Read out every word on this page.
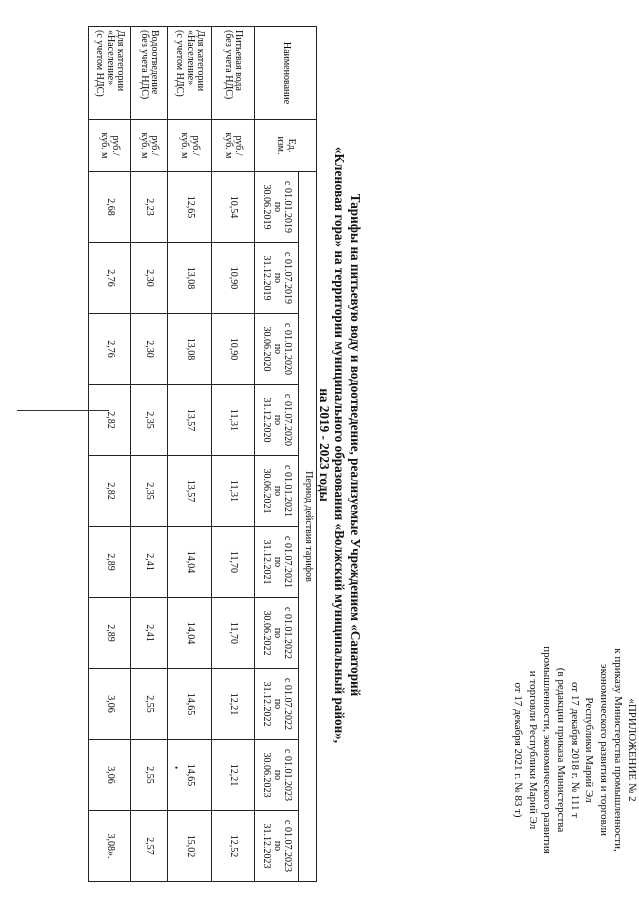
«ПРИЛОЖЕНИЕ № 2
к приказу Министерства промышленности,
экономического развития и торговли
Республики Марий Эл
от 17 декабря 2018 г. № 111 т
(в редакции приказа Министерства
промышленности, экономического развития
и торговли Республики Марий Эл
от 17 декабря 2021 г. № 83 т)
Тарифы на питьевую воду и водоотведение, реализуемые Учреждением «Санаторий
«Кленовая гора» на территории муниципального образования «Волжский муниципальный район»,
на 2019 - 2023 годы
Наименование	Ед.
изм.	Период действия тарифов									

		с 01.01.2019
по
30.06.2019	с 01.07.2019
по
31.12.2019	с 01.01.2020
по
30.06.2020	с 01.07.2020
по
31.12.2020	с 01.01.2021
по
30.06.2021	с 01.07.2021
по
31.12.2021	с 01.01.2022
по
30.06.2022	с 01.07.2022
по
31.12.2022	с 01.01.2023
по
30.06.2023	с 01.07.2023
по
31.12.2023

Питьевая вода
(без учета НДС)	руб./
куб. м	10,54	10,90	10,90	11,31	11,31	11,70	11,70	12,21	12,21	12,52

Для категории
«Население»
(с учетом НДС)	руб./
куб. м	12,65	13,08	13,08	13,57	13,57	14,04	14,04	14,65	14,65	15,02

Водоотведение
(без учета НДС)	руб./
куб. м	2,23	2,30	2,30	2,35	2,35	2,41	2,41	2,55	2,55	2,57

Для категории
«Население»
(с учетом НДС)	руб./
куб. м	2,68	2,76	2,76	2,82	2,82	2,89	2,89	3,06	3,06	3,08».
•
